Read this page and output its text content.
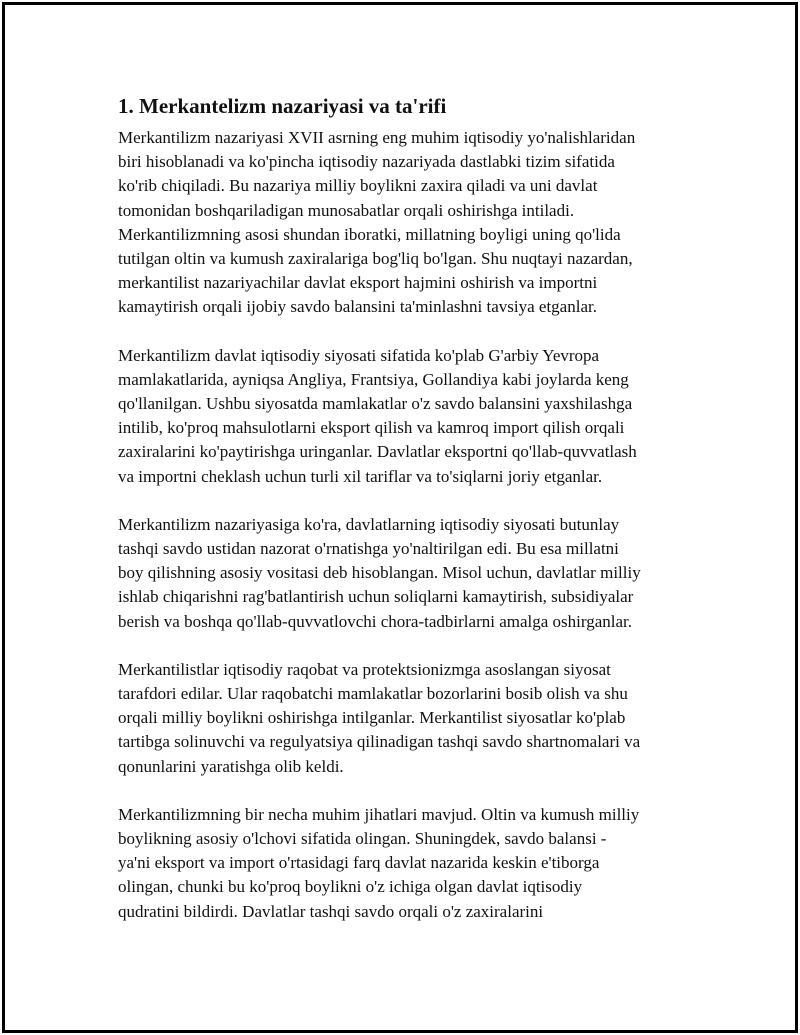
1. Merkantelizm nazariyasi va ta'rifi
Merkantilizm nazariyasi XVII asrning eng muhim iqtisodiy yo'nalishlaridan
biri hisoblanadi va ko'pincha iqtisodiy nazariyada dastlabki tizim sifatida
ko'rib chiqiladi. Bu nazariya milliy boylikni zaxira qiladi va uni davlat
tomonidan boshqariladigan munosabatlar orqali oshirishga intiladi.
Merkantilizmning asosi shundan iboratki, millatning boyligi uning qo'lida
tutilgan oltin va kumush zaxiralariga bog'liq bo'lgan. Shu nuqtayi nazardan,
merkantilist nazariyachilar davlat eksport hajmini oshirish va importni
kamaytirish orqali ijobiy savdo balansini ta'minlashni tavsiya etganlar.
Merkantilizm davlat iqtisodiy siyosati sifatida ko'plab G'arbiy Yevropa
mamlakatlarida, ayniqsa Angliya, Frantsiya, Gollandiya kabi joylarda keng
qo'llanilgan. Ushbu siyosatda mamlakatlar o'z savdo balansini yaxshilashga
intilib, ko'proq mahsulotlarni eksport qilish va kamroq import qilish orqali
zaxiralarini ko'paytirishga uringanlar. Davlatlar eksportni qo'llab-quvvatlash
va importni cheklash uchun turli xil tariflar va to'siqlarni joriy etganlar.
Merkantilizm nazariyasiga ko'ra, davlatlarning iqtisodiy siyosati butunlay
tashqi savdo ustidan nazorat o'rnatishga yo'naltirilgan edi. Bu esa millatni
boy qilishning asosiy vositasi deb hisoblangan. Misol uchun, davlatlar milliy
ishlab chiqarishni rag'batlantirish uchun soliqlarni kamaytirish, subsidiyalar
berish va boshqa qo'llab-quvvatlovchi chora-tadbirlarni amalga oshirganlar.
Merkantilistlar iqtisodiy raqobat va protektsionizmga asoslangan siyosat
tarafdori edilar. Ular raqobatchi mamlakatlar bozorlarini bosib olish va shu
orqali milliy boylikni oshirishga intilganlar. Merkantilist siyosatlar ko'plab
tartibga solinuvchi va regulyatsiya qilinadigan tashqi savdo shartnomalari va
qonunlarini yaratishga olib keldi.
Merkantilizmning bir necha muhim jihatlari mavjud. Oltin va kumush milliy
boylikning asosiy o'lchovi sifatida olingan. Shuningdek, savdo balansi -
ya'ni eksport va import o'rtasidagi farq davlat nazarida keskin e'tiborga
olingan, chunki bu ko'proq boylikni o'z ichiga olgan davlat iqtisodiy
qudratini bildirdi. Davlatlar tashqi savdo orqali o'z zaxiralarini
